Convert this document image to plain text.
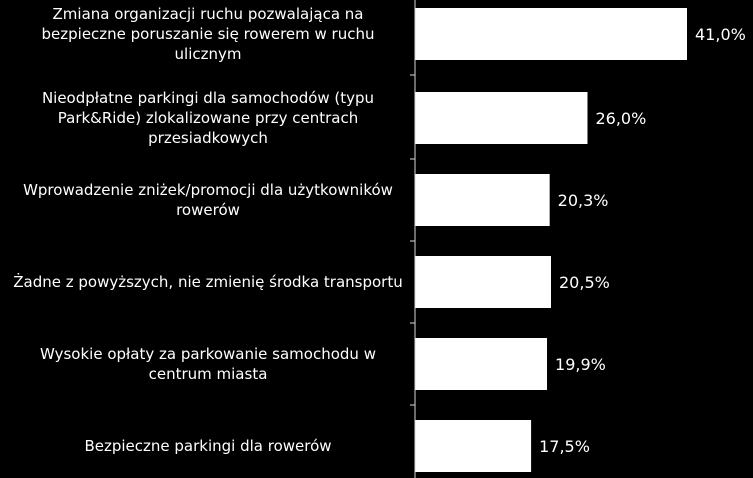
Zmiana organizacji ruchu pozwalająca na bezpieczne poruszanie się rowerem w ruchu ulicznym
Nieodpłatne parkingi dla samochodów (typu Park&Ride) zlokalizowane przy centrach przesiadkowych
Wprowadzenie zniżek/promocji dla użytkowników rowerów
Żadne z powyższych, nie zmienię środka transportu
Wysokie opłaty za parkowanie samochodu w centrum miasta
Bezpieczne parkingi dla rowerów
41,0%
26,0%
20,3%
20,5%
19,9%
17,5%
